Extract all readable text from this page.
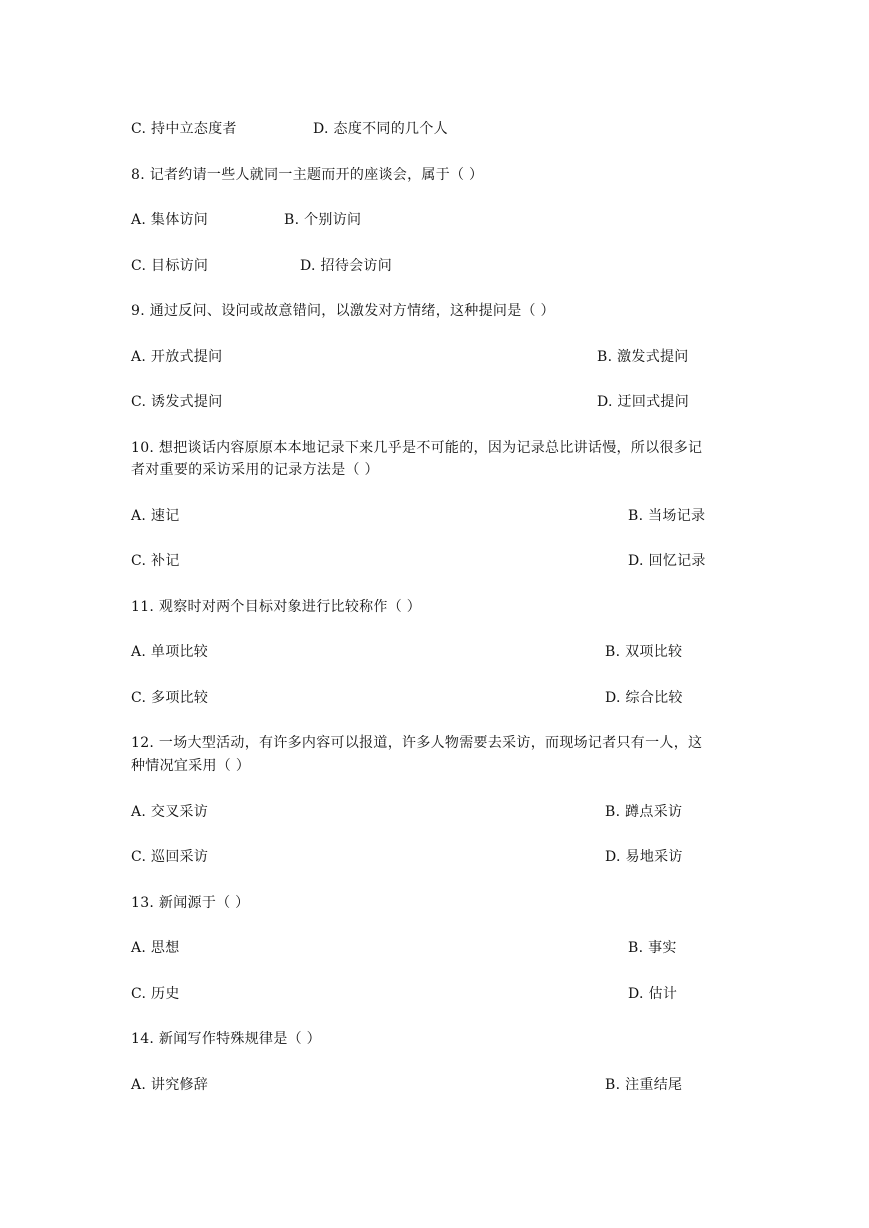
C. 持中立态度者	D. 态度不同的几个人
8. 记者约请一些人就同一主题而开的座谈会，属于（ ）
A. 集体访问	B. 个别访问
C. 目标访问	D. 招待会访问
9. 通过反问、设问或故意错问，以激发对方情绪，这种提问是（ ）
A. 开放式提问	B. 激发式提问
C. 诱发式提问	D. 迂回式提问
10. 想把谈话内容原原本本地记录下来几乎是不可能的，因为记录总比讲话慢，所以很多记
者对重要的采访采用的记录方法是（ ）
A. 速记	B. 当场记录
C. 补记	D. 回忆记录
11. 观察时对两个目标对象进行比较称作（ ）
A. 单项比较	B. 双项比较
C. 多项比较	D. 综合比较
12. 一场大型活动，有许多内容可以报道，许多人物需要去采访，而现场记者只有一人，这
种情况宜采用（ ）
A. 交叉采访	B. 蹲点采访
C. 巡回采访	D. 易地采访
13. 新闻源于（ ）
A. 思想	B. 事实
C. 历史	D. 估计
14. 新闻写作特殊规律是（ ）
A. 讲究修辞	B. 注重结尾
